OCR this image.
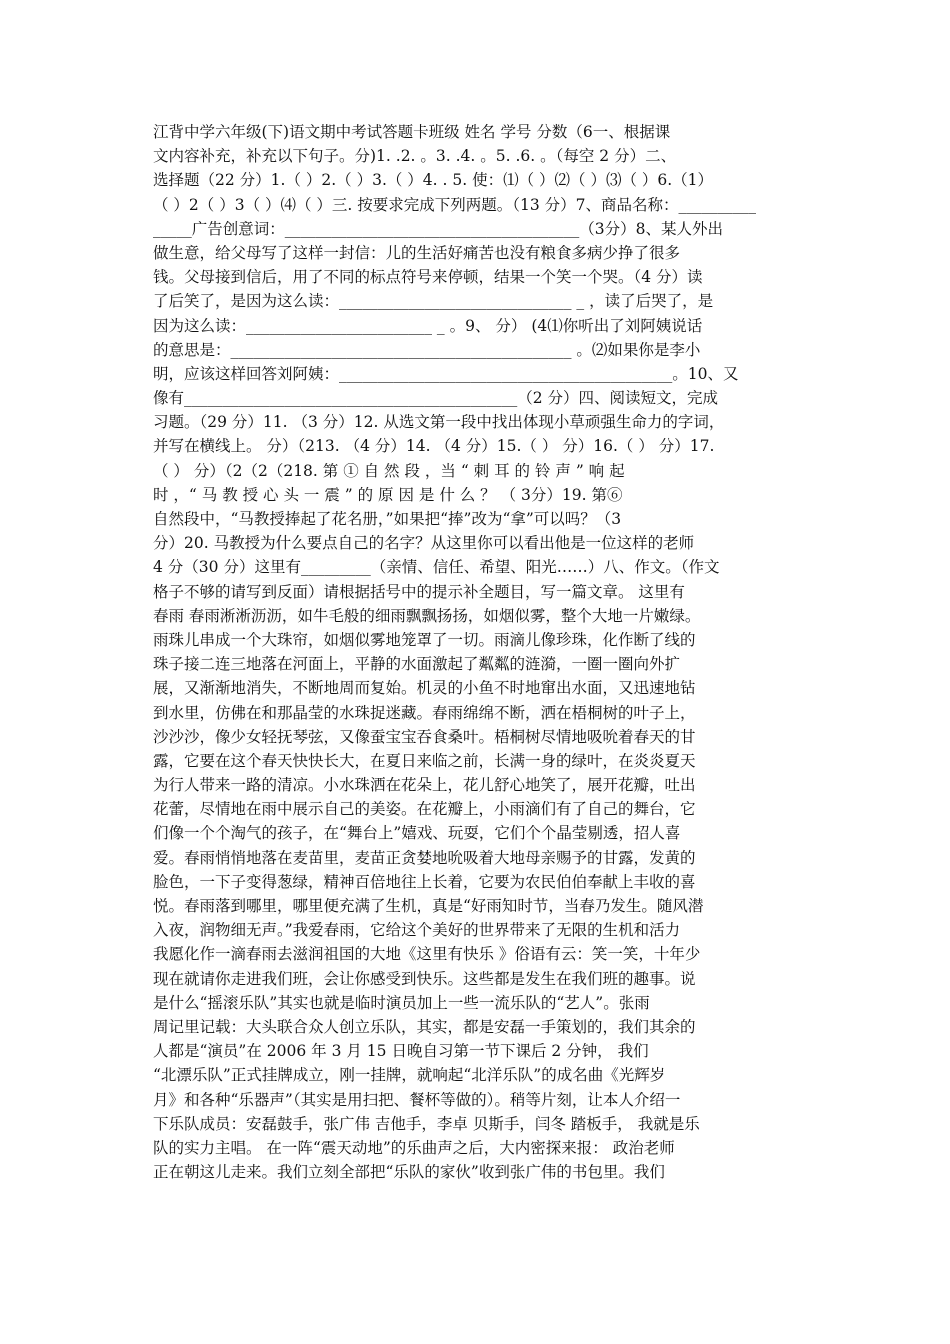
江背中学六年级(下)语文期中考试答题卡班级 姓名 学号 分数（6一、根据课
文内容补充，补充以下句子。分)1. .2. 。3. .4. 。5. .6. 。（每空 2 分）二、
选择题（22 分）1.（ ）2.（ ）3.（ ）4. . 5. 使：⑴（ ）⑵（ ）⑶（ ）6.（1）
（ ）2（ ）3（ ）⑷（ ）三. 按要求完成下列两题。（13 分）7、商品名称：__________
_____广告创意词：______________________________________（3分）8、某人外出
做生意，给父母写了这样一封信：儿的生活好痛苦也没有粮食多病少挣了很多
钱。父母接到信后，用了不同的标点符号来停顿，结果一个笑一个哭。（4 分）读
了后笑了，是因为这么读：______________________________ _ ，读了后哭了，是
因为这么读：________________________ _ 。9、 分） (4⑴你听出了刘阿姨说话
的意思是：____________________________________________ 。⑵如果你是李小
明，应该这样回答刘阿姨：___________________________________________。10、又
像有___________________________________________（2 分）四、阅读短文，完成
习题。（29 分）11. （3 分）12. 从选文第一段中找出体现小草顽强生命力的字词，
并写在横线上。 分）（213. （4 分）14. （4 分）15.（ ） 分）16.（ ） 分）17.
（ ） 分）（2（2（218. 第 ① 自 然 段 ，当 “ 刺 耳 的 铃 声 ” 响 起
时 ，“ 马 教 授 心 头 一 震 ” 的 原 因 是 什 么 ？ （ 3分）19. 第⑥
自然段中，“马教授捧起了花名册，”如果把“捧”改为“拿”可以吗？（3
分）20. 马教授为什么要点自己的名字？从这里你可以看出他是一位这样的老师
4 分（30 分）这里有_________（亲情、信任、希望、阳光……）八、作文。（作文
格子不够的请写到反面）请根据括号中的提示补全题目，写一篇文章。 这里有
春雨 春雨淅淅沥沥，如牛毛般的细雨飘飘扬扬，如烟似雾，整个大地一片嫩绿。
雨珠儿串成一个大珠帘，如烟似雾地笼罩了一切。雨滴儿像珍珠，化作断了线的
珠子接二连三地落在河面上，平静的水面激起了粼粼的涟漪，一圈一圈向外扩
展，又渐渐地消失，不断地周而复始。机灵的小鱼不时地窜出水面，又迅速地钻
到水里，仿佛在和那晶莹的水珠捉迷藏。春雨绵绵不断，洒在梧桐树的叶子上，
沙沙沙，像少女轻抚琴弦，又像蚕宝宝吞食桑叶。梧桐树尽情地吸吮着春天的甘
露，它要在这个春天快快长大，在夏日来临之前，长满一身的绿叶，在炎炎夏天
为行人带来一路的清凉。小水珠洒在花朵上，花儿舒心地笑了，展开花瓣，吐出
花蕾，尽情地在雨中展示自己的美姿。在花瓣上，小雨滴们有了自己的舞台，它
们像一个个淘气的孩子，在“舞台上”嬉戏、玩耍，它们个个晶莹剔透，招人喜
爱。春雨悄悄地落在麦苗里，麦苗正贪婪地吮吸着大地母亲赐予的甘露，发黄的
脸色，一下子变得葱绿，精神百倍地往上长着，它要为农民伯伯奉献上丰收的喜
悦。春雨落到哪里，哪里便充满了生机，真是“好雨知时节，当春乃发生。随风潜
入夜，润物细无声。”我爱春雨，它给这个美好的世界带来了无限的生机和活力
我愿化作一滴春雨去滋润祖国的大地《这里有快乐 》俗语有云：笑一笑，十年少
现在就请你走进我们班，会让你感受到快乐。这些都是发生在我们班的趣事。说
是什么“摇滚乐队”其实也就是临时演员加上一些一流乐队的“艺人”。张雨
周记里记载：大头联合众人创立乐队，其实，都是安磊一手策划的，我们其余的
人都是“演员”在 2006 年 3 月 15 日晚自习第一节下课后 2 分钟， 我们
“北漂乐队”正式挂牌成立，刚一挂牌，就响起“北洋乐队”的成名曲《光辉岁
月》和各种“乐器声”（其实是用扫把、餐杯等做的）。稍等片刻，让本人介绍一
下乐队成员：安磊鼓手，张广伟 吉他手，李卓 贝斯手，闫冬 踏板手， 我就是乐
队的实力主唱。 在一阵“震天动地”的乐曲声之后，大内密探来报： 政治老师
正在朝这儿走来。我们立刻全部把“乐队的家伙”收到张广伟的书包里。我们
